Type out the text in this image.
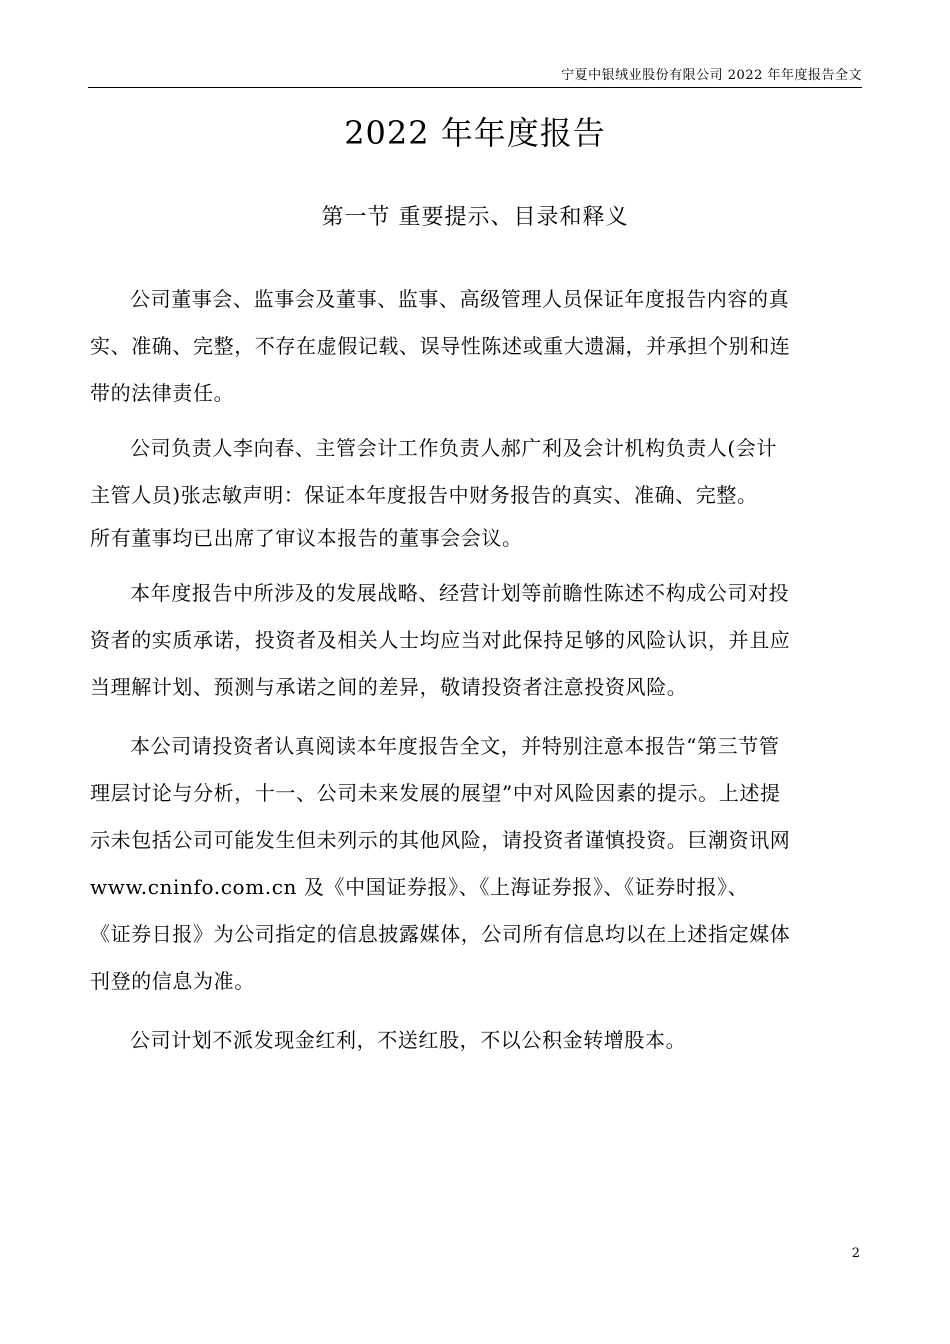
宁夏中银绒业股份有限公司 2022 年年度报告全文
2022 年年度报告
第一节 重要提示、目录和释义
公司董事会、监事会及董事、监事、高级管理人员保证年度报告内容的真
实、准确、完整，不存在虚假记载、误导性陈述或重大遗漏，并承担个别和连
带的法律责任。
公司负责人李向春、主管会计工作负责人郝广利及会计机构负责人(会计
主管人员)张志敏声明：保证本年度报告中财务报告的真实、准确、完整。
所有董事均已出席了审议本报告的董事会会议。
本年度报告中所涉及的发展战略、经营计划等前瞻性陈述不构成公司对投
资者的实质承诺，投资者及相关人士均应当对此保持足够的风险认识，并且应
当理解计划、预测与承诺之间的差异，敬请投资者注意投资风险。
本公司请投资者认真阅读本年度报告全文，并特别注意本报告“第三节管
理层讨论与分析，十一、公司未来发展的展望”中对风险因素的提示。上述提
示未包括公司可能发生但未列示的其他风险，请投资者谨慎投资。巨潮资讯网
www.cninfo.com.cn 及《中国证券报》、《上海证券报》、《证券时报》、
《证券日报》为公司指定的信息披露媒体，公司所有信息均以在上述指定媒体
刊登的信息为准。
公司计划不派发现金红利，不送红股，不以公积金转增股本。
2
